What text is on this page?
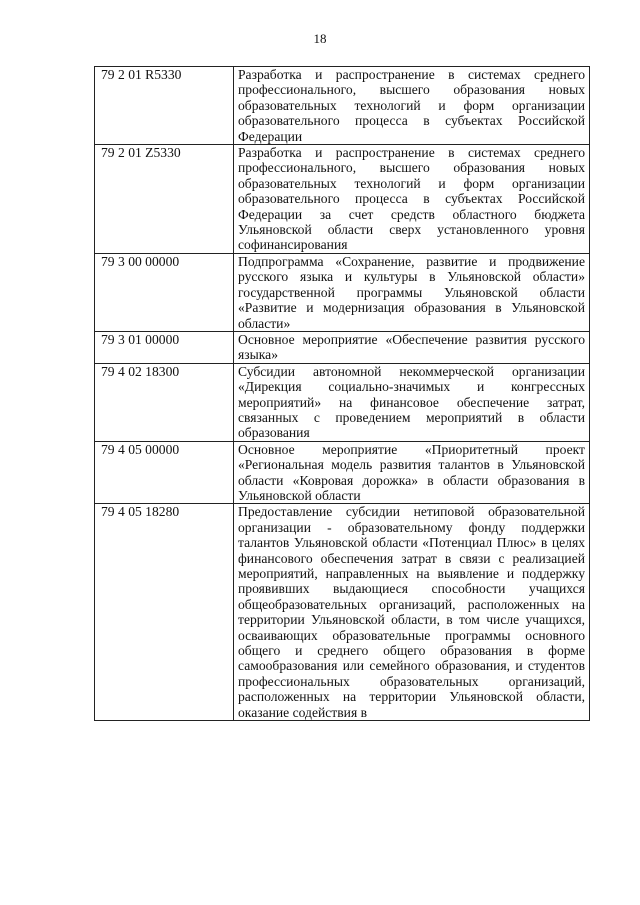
18
79 2 01 R5330	Разработка и распространение в системах среднего профессионального, высшего образования новых образовательных технологий и форм организации образовательного процесса в субъектах Российской Федерации
79 2 01 Z5330	Разработка и распространение в системах среднего профессионального, высшего образования новых образовательных технологий и форм организации образовательного процесса в субъектах Российской Федерации за счет средств областного бюджета Ульяновской области сверх установленного уровня софинансирования
79 3 00 00000	Подпрограмма «Сохранение, развитие и продвижение русского языка и культуры в Ульяновской области» государственной программы Ульяновской области «Развитие и модернизация образования в Ульяновской области»
79 3 01 00000	Основное мероприятие «Обеспечение развития русского языка»
79 4 02 18300	Субсидии автономной некоммерческой организации «Дирекция социально-значимых и конгрессных мероприятий» на финансовое обеспечение затрат, связанных с проведением мероприятий в области образования
79 4 05 00000	Основное мероприятие «Приоритетный проект «Региональная модель развития талантов в Ульяновской области «Ковровая дорожка» в области образования в Ульяновской области
79 4 05 18280	Предоставление субсидии нетиповой образовательной организации - образовательному фонду поддержки талантов Ульяновской области «Потенциал Плюс» в целях финансового обеспечения затрат в связи с реализацией мероприятий, направленных на выявление и поддержку проявивших выдающиеся способности учащихся общеобразовательных организаций, расположенных на территории Ульяновской области, в том числе учащихся, осваивающих образовательные программы основного общего и среднего общего образования в форме самообразования или семейного образования, и студентов профессиональных образовательных организаций, расположенных на территории Ульяновской области, оказание содействия в
